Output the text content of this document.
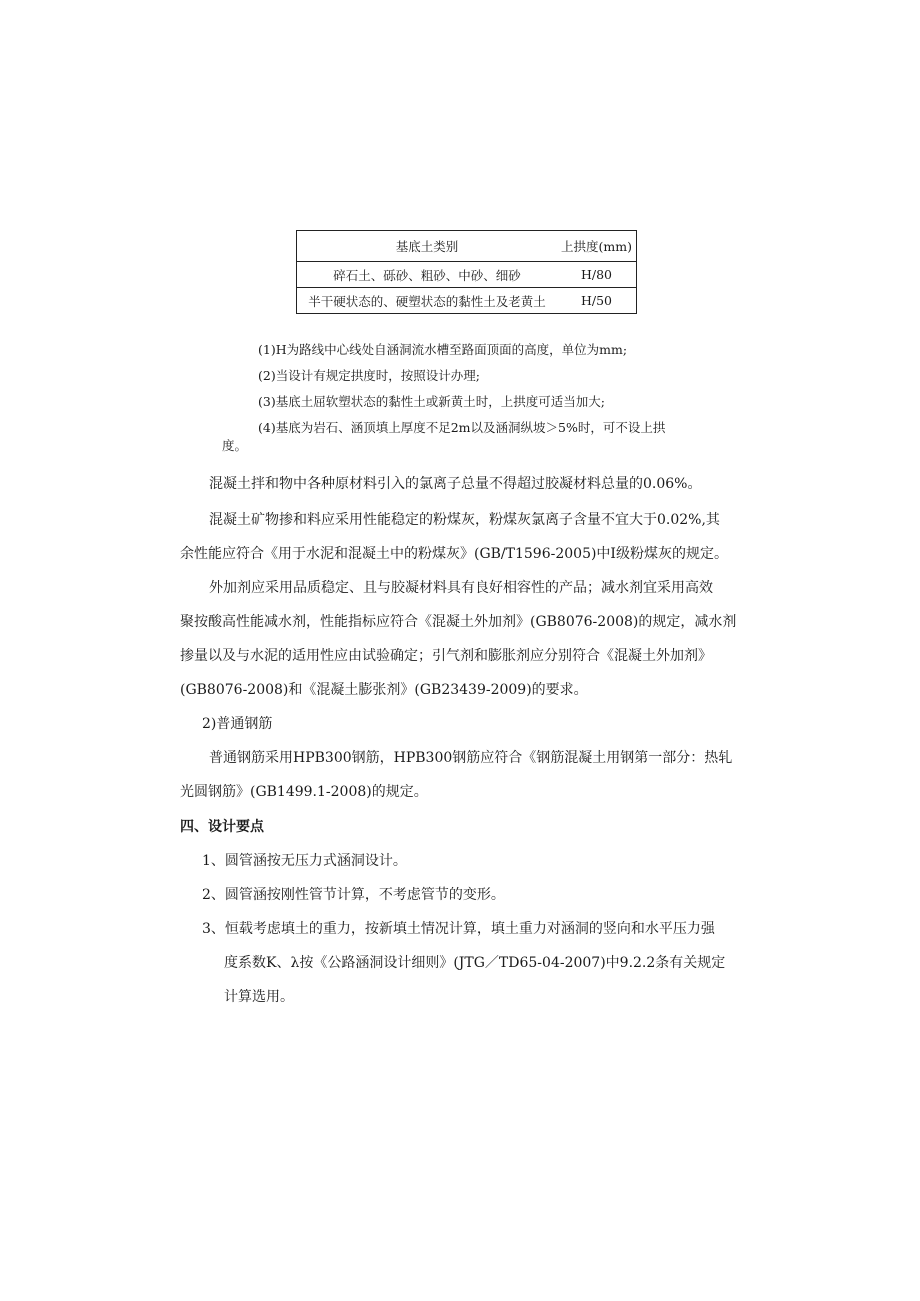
基底土类别	上拱度(mm)
碎石土、砾砂、粗砂、中砂、细砂	H/80
半干硬状态的、硬塑状态的黏性土及老黄土	H/50
(1)H为路线中心线处自涵洞流水槽至路面顶面的高度，单位为mm;
(2)当设计有规定拱度时，按照设计办理;
(3)基底土屈软塑状态的黏性土或新黄土时，上拱度可适当加大;
(4)基底为岩石、涵顶填上厚度不足2m以及涵洞纵坡＞5%时，可不设上拱
度。
混凝土拌和物中各种原材料引入的氯离子总量不得超过胶凝材料总量的0.06%。
混凝土矿物掺和料应采用性能稳定的粉煤灰，粉煤灰氯离子含量不宜大于0.02%,其
余性能应符合《用于水泥和混凝土中的粉煤灰》(GB/T1596-2005)中Ⅰ级粉煤灰的规定。
外加剂应采用品质稳定、且与胶凝材料具有良好相容性的产品；减水剂宜采用高效
聚按酸高性能减水剂，性能指标应符合《混凝土外加剂》(GB8076-2008)的规定，减水剂
掺量以及与水泥的适用性应由试验确定；引气剂和膨胀剂应分别符合《混凝土外加剂》
(GB8076-2008)和《混凝土膨张剂》(GB23439-2009)的要求。
2)普通钢筋
普通钢筋采用HPB300钢筋，HPB300钢筋应符合《钢筋混凝土用钢第一部分：热轧
光圆钢筋》(GB1499.1-2008)的规定。
四、设计要点
1、圆管涵按无压力式涵洞设计。
2、圆管涵按刚性管节计算，不考虑管节的变形。
3、恒载考虑填土的重力，按新填土情况计算，填土重力对涵洞的竖向和水平压力强
度系数K、λ按《公路涵洞设计细则》(JTG／TD65-04-2007)中9.2.2条有关规定
计算选用。
